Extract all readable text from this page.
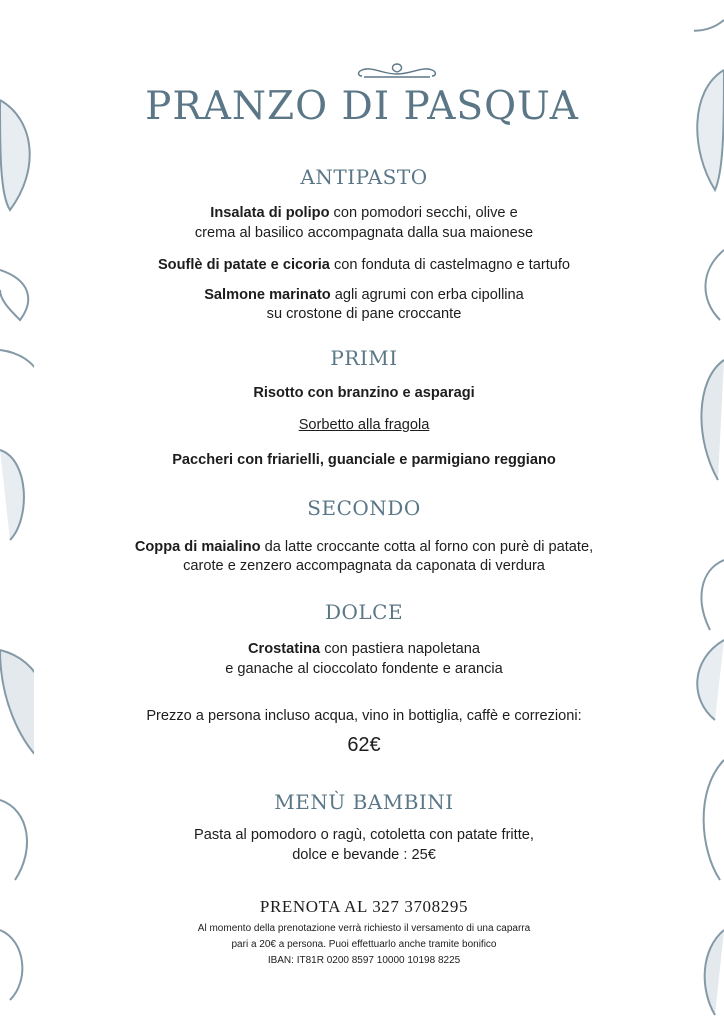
PRANZO DI PASQUA
ANTIPASTO
Insalata di polipo con pomodori secchi, olive e
crema al basilico accompagnata dalla sua maionese
Souflè di patate e cicoria con fonduta di castelmagno e tartufo
Salmone marinato agli agrumi con erba cipollina
su crostone di pane croccante
PRIMI
Risotto con branzino e asparagi
Sorbetto alla fragola
Paccheri con friarielli, guanciale e parmigiano reggiano
SECONDO
Coppa di maialino da latte croccante cotta al forno con purè di patate,
carote e zenzero accompagnata da caponata di verdura
DOLCE
Crostatina con pastiera napoletana
e ganache al cioccolato fondente e arancia
Prezzo a persona incluso acqua, vino in bottiglia, caffè e correzioni:
62€
MENÙ BAMBINI
Pasta al pomodoro o ragù, cotoletta con patate fritte,
dolce e bevande : 25€
PRENOTA AL 327 3708295
Al momento della prenotazione verrà richiesto il versamento di una caparra
pari a 20€ a persona. Puoi effettuarlo anche tramite bonifico
IBAN: IT81R 0200 8597 10000 10198 8225
